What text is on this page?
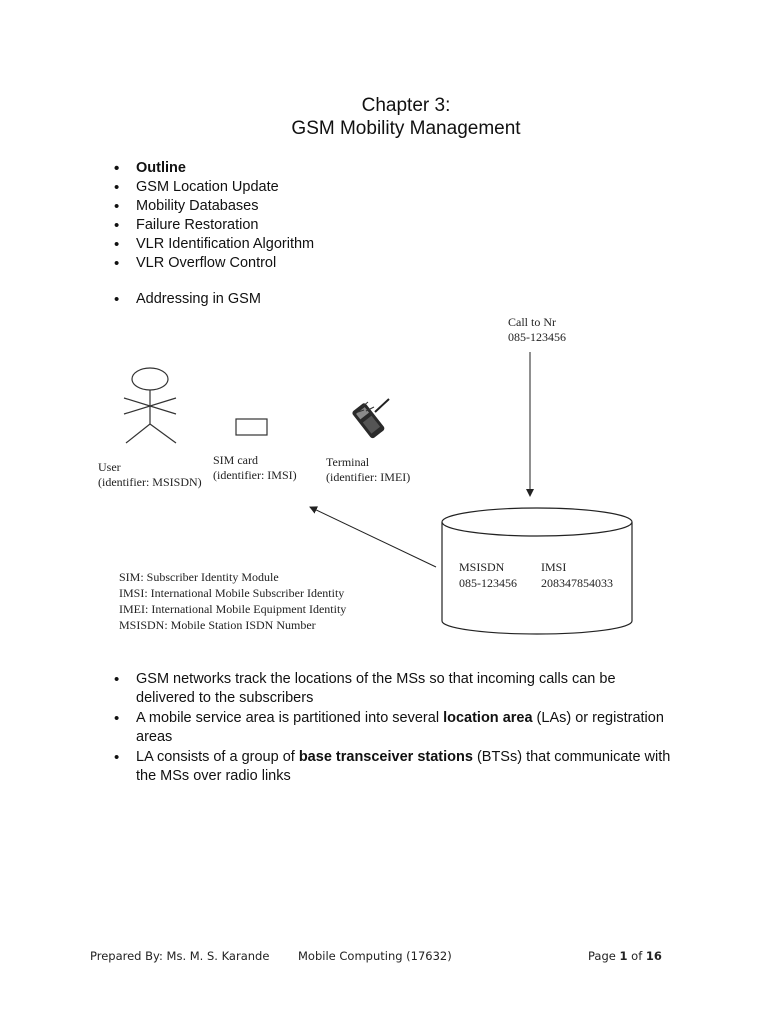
Chapter 3:
GSM Mobility Management
• Outline
• GSM Location Update
• Mobility Databases
• Failure Restoration
• VLR Identification Algorithm
• VLR Overflow Control
• Addressing in GSM
Call to Nr
085-123456
User
(identifier: MSISDN)
SIM card
(identifier: IMSI)
Terminal
(identifier: IMEI)
MSISDN	IMSI
085-123456 208347854033
SIM: Subscriber Identity Module
IMSI: International Mobile Subscriber Identity
IMEI: International Mobile Equipment Identity
MSISDN: Mobile Station ISDN Number
• GSM networks track the locations of the MSs so that incoming calls can be delivered to the subscribers
• A mobile service area is partitioned into several location area (LAs) or registration areas
• LA consists of a group of base transceiver stations (BTSs) that communicate with the MSs over radio links
Prepared By: Ms. M. S. Karande Mobile Computing (17632)	Page 1 of 16
